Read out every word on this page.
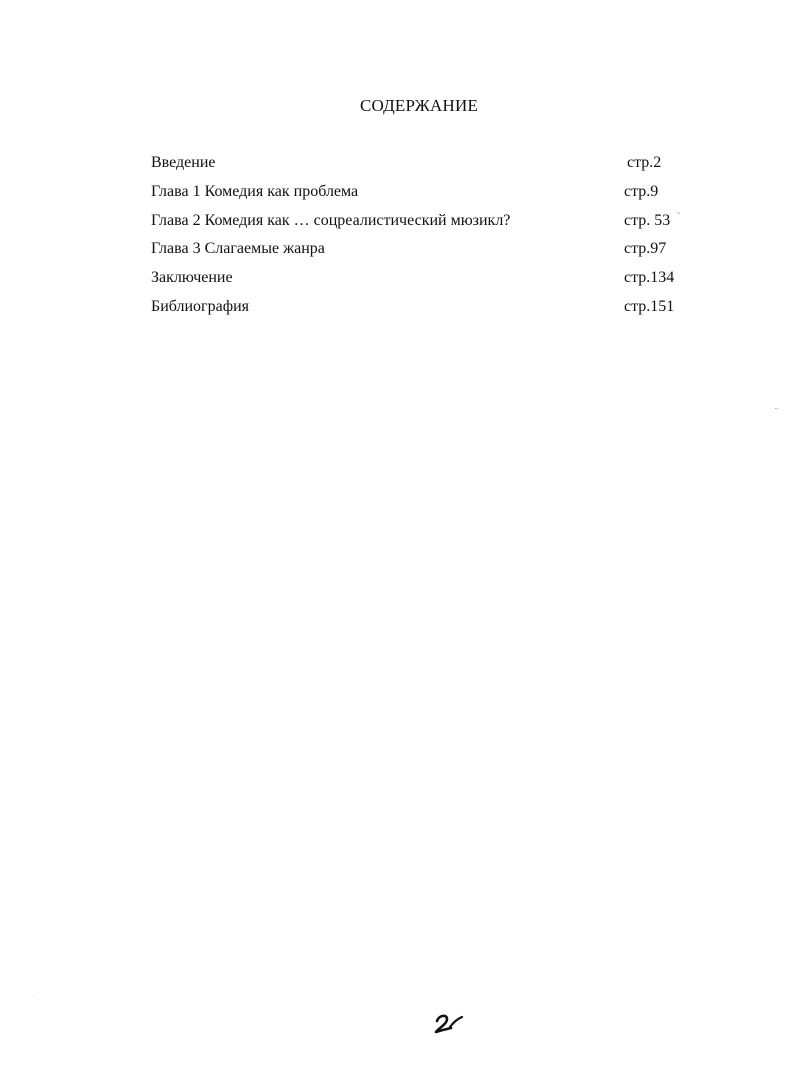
СОДЕРЖАНИЕ
Введение	стр.2
Глава 1 Комедия как проблема	стр.9
Глава 2 Комедия как … соцреалистический мюзикл?	стр. 53
Глава 3 Слагаемые жанра	стр.97
Заключение	стр.134
Библиография	стр.151
˜
¨
·
